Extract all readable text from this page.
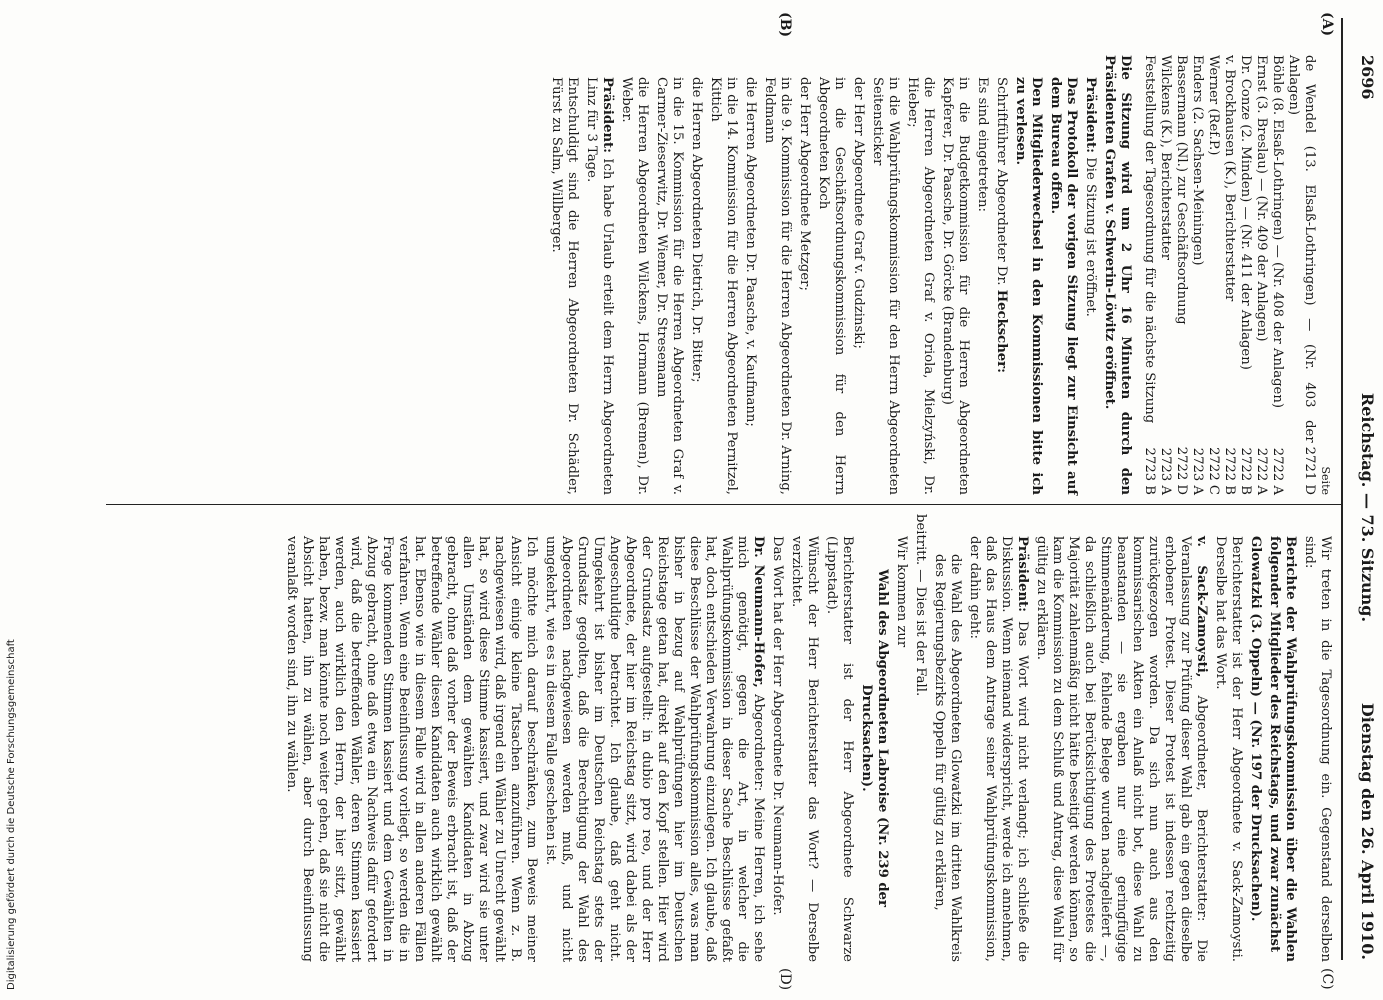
2696
Reichstag. — 73. Sitzung.
Dienstag den 26. April 1910.
(A)
(B)
(C)
(D)
Seite
de Wendel (13. Elsaß-Lothringen) — (Nr. 403 der Anlagen)
2721 D
Böhle (8. Elsaß-Lothringen) — (Nr. 408 der Anlagen)
2722 A
Ernst (3. Breslau) — (Nr. 409 der Anlagen)
2722 A
Dr. Conze (2. Minden) — (Nr. 411 der Anlagen)
2722 B
v. Brockhausen (K.), Berichterstatter
2722 B
Werner (Ref.P.)
2722 C
Enders (2. Sachsen-Meiningen)
2723 A
Bassermann (Nl.) zur Geschäftsordnung
2722 D
Wilckens (K.), Berichterstatter
2723 A
Feststellung der Tagesordnung für die nächste Sitzung
2723 B

Die Sitzung wird um 2 Uhr 16 Minuten durch den Präsidenten Grafen v. Schwerin-Löwitz eröffnet.

Präsident: Die Sitzung ist eröffnet.

Das Protokoll der vorigen Sitzung liegt zur Einsicht auf dem Bureau offen.

Den Mitgliederwechsel in den Kommissionen bitte ich zu verlesen.

Schriftführer Abgeordneter Dr. Heckscher:

Es sind eingetreten:

in die Budgetkommission für die Herren Abgeordneten Kapferer, Dr. Paasche, Dr. Görcke (Brandenburg)

die Herren Abgeordneten Graf v. Oriola, Mielzyński, Dr. Hieber;

in die Wahlprüfungskommission für den Herrn Abgeordneten Seitensticker

der Herr Abgeordnete Graf v. Gudzinski;

in die Geschäftsordnungskommission für den Herrn Abgeordneten Koch

der Herr Abgeordnete Metzger;

in die 9. Kommission für die Herren Abgeordneten Dr. Arning, Feldmann

die Herren Abgeordneten Dr. Paasche, v. Kaufmann;

in die 14. Kommission für die Herren Abgeordneten Pernitzel, Kittich

die Herren Abgeordneten Dietrich, Dr. Bitter;

in die 15. Kommission für die Herren Abgeordneten Graf v. Carmer-Zieserwitz, Dr. Wiemer, Dr. Stresemann

die Herren Abgeordneten Wilckens, Hormann (Bremen), Dr. Weber.

Präsident: Ich habe Urlaub erteilt dem Herrn Abgeordneten Linz für 3 Tage.

Entschuldigt sind die Herren Abgeordneten Dr. Schädler, Fürst zu Salm, Willberger.

Wir treten in die Tagesordnung ein. Gegenstand derselben sind:

Berichte der Wahlprüfungskommission über die Wahlen folgender Mitglieder des Reichstags, und zwar zunächst

Glowatzki (3. Oppeln) — (Nr. 197 der Drucksachen).

Berichterstatter ist der Herr Abgeordnete v. Sack-Zamoysti. Derselbe hat das Wort.

v. Sack-Zamoysti, Abgeordneter, Berichterstatter: Die Veranlassung zur Prüfung dieser Wahl gab ein gegen dieselbe erhobener Protest. Dieser Protest ist indessen rechtzeitig zurückgezogen worden. Da sich nun auch aus den kommissarischen Akten ein Anlaß nicht bot, diese Wahl zu beanstanden — sie ergaben nur eine geringfügige Stimmenänderung, fehlende Belege wurden nachgeliefert —, da schließlich auch bei Berücksichtigung des Protestes die Majorität zahlenmäßig nicht hätte beseitigt werden können, so kam die Kommission zu dem Schluß und Antrag, diese Wahl für gültig zu erklären.

Präsident: Das Wort wird nicht verlangt; ich schließe die Diskussion. Wenn niemand widerspricht, werde ich annehmen, daß das Haus dem Antrage seiner Wahlprüfungskommission, der dahin geht:

die Wahl des Abgeordneten Glowatzki im dritten Wahlkreis des Regierungsbezirks Oppeln für gültig zu erklären,

beitritt. — Dies ist der Fall.

Wir kommen zur

Wahl des Abgeordneten Labroise (Nr. 239 der Drucksachen).

Berichterstatter ist der Herr Abgeordnete Schwarze (Lippstadt).

Wünscht der Herr Berichterstatter das Wort? — Derselbe verzichtet.

Das Wort hat der Herr Abgeordnete Dr. Neumann-Hofer.

Dr. Neumann-Hofer, Abgeordneter: Meine Herren, ich sehe mich genötigt, gegen die Art, in welcher die Wahlprüfungskommission in dieser Sache Beschlüsse gefaßt hat, doch entschieden Verwahrung einzulegen. Ich glaube, daß diese Beschlüsse der Wahlprüfungskommission alles, was man bisher in bezug auf Wahlprüfungen hier im Deutschen Reichstage getan hat, direkt auf den Kopf stellen. Hier wird der Grundsatz aufgestellt: in dubio pro reo, und der Herr Abgeordnete, der hier im Reichstag sitzt, wird dabei als der Angeschuldigte betrachtet. Ich glaube, daß geht nicht. Umgekehrt ist bisher im Deutschen Reichstag stets der Grundsatz gegolten, daß die Berechtigung der Wahl des Abgeordneten nachgewiesen werden muß, und nicht umgekehrt, wie es in diesem Falle geschehen ist.

Ich möchte mich darauf beschränken, zum Beweis meiner Ansicht einige kleine Tatsachen anzuführen. Wenn z. B. nachgewiesen wird, daß irgend ein Wähler zu Unrecht gewählt hat, so wird diese Stimme kassiert, und zwar wird sie unter allen Umständen dem gewählten Kandidaten in Abzug gebracht, ohne daß vorher der Beweis erbracht ist, daß der betreffende Wähler diesen Kandidaten auch wirklich gewählt hat. Ebenso wie in diesem Falle wird in allen anderen Fällen verfahren. Wenn eine Beeinflussung vorliegt, so werden die in Frage kommenden Stimmen kassiert und dem Gewählten in Abzug gebracht, ohne daß etwa ein Nachweis dafür gefordert wird, daß die betreffenden Wähler, deren Stimmen kassiert werden, auch wirklich den Herrn, der hier sitzt, gewählt haben, bezw. man könnte noch weiter gehen, daß sie nicht die Absicht hatten, ihn zu wählen, aber durch Beeinflussung veranlaßt worden sind, ihn zu wählen.

Digitalisierung gefördert durch die Deutsche Forschungsgemeinschaft
